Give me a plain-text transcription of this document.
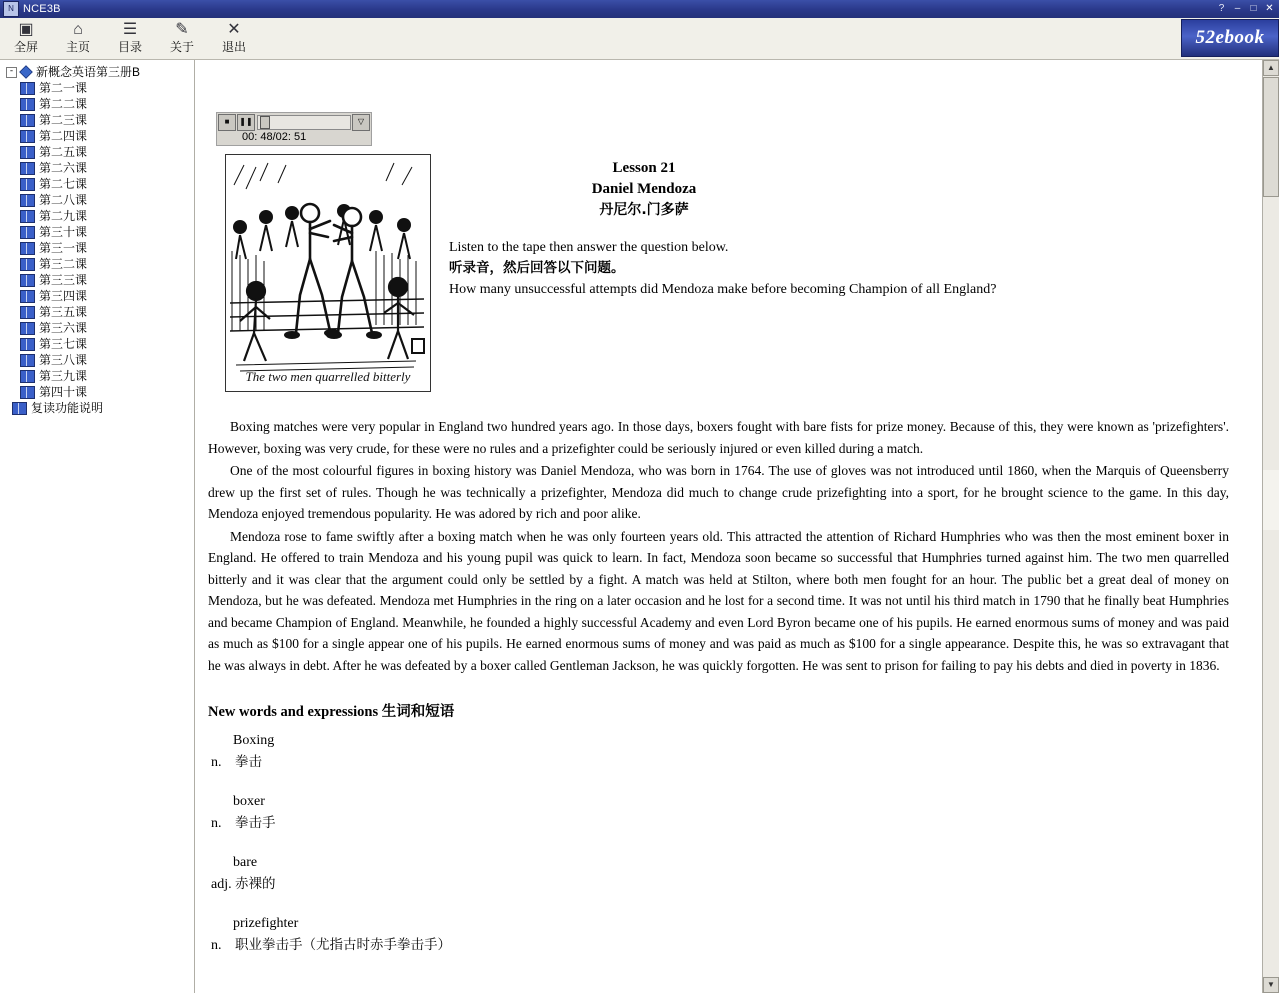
N NCE3B	?	–	□ ✕
▣
全屏
⌂
主页
☰
目录
✎
关于
✕
退出	52ebook
-	新概念英语第三册B
第二一课
第二二课
第二三课
第二四课
第二五课
第二六课
第二七课
第二八课
第二九课
第三十课
第三一课
第三二课
第三三课
第三四课
第三五课
第三六课
第三七课
第三八课
第三九课
第四十课
复读功能说明
■	❚❚	▽
00: 48/02: 51
The two men quarrelled bitterly
Lesson 21
Daniel Mendoza
丹尼尔.门多萨
Listen to the tape then answer the question below.
听录音，然后回答以下问题。
How many unsuccessful attempts did Mendoza make before becoming Champion of all England?

Boxing matches were very popular in England two hundred years ago. In those days, boxers fought with bare fists for prize money. Because of this, they were known as 'prizefighters'. However, boxing was very crude, for these were no rules and a prizefighter could be seriously injured or even killed during a match.

One of the most colourful figures in boxing history was Daniel Mendoza, who was born in 1764. The use of gloves was not introduced until 1860, when the Marquis of Queensberry drew up the first set of rules. Though he was technically a prizefighter, Mendoza did much to change crude prizefighting into a sport, for he brought science to the game. In this day, Mendoza enjoyed tremendous popularity. He was adored by rich and poor alike.

Mendoza rose to fame swiftly after a boxing match when he was only fourteen years old. This attracted the attention of Richard Humphries who was then the most eminent boxer in England. He offered to train Mendoza and his young pupil was quick to learn. In fact, Mendoza soon became so successful that Humphries turned against him. The two men quarrelled bitterly and it was clear that the argument could only be settled by a fight. A match was held at Stilton, where both men fought for an hour. The public bet a great deal of money on Mendoza, but he was defeated. Mendoza met Humphries in the ring on a later occasion and he lost for a second time. It was not until his third match in 1790 that he finally beat Humphries and became Champion of England. Meanwhile, he founded a highly successful Academy and even Lord Byron became one of his pupils. He earned enormous sums of money and was paid as much as $100 for a single appear one of his pupils. He earned enormous sums of money and was paid as much as $100 for a single appearance. Despite this, he was so extravagant that he was always in debt. After he was defeated by a boxer called Gentleman Jackson, he was quickly forgotten. He was sent to prison for failing to pay his debts and died in poverty in 1836.

New words and expressions 生词和短语
Boxing
n. 拳击
boxer
n. 拳击手
bare
adj. 赤裸的
prizefighter
n. 职业拳击手（尤指古时赤手拳击手）
▲
▼
